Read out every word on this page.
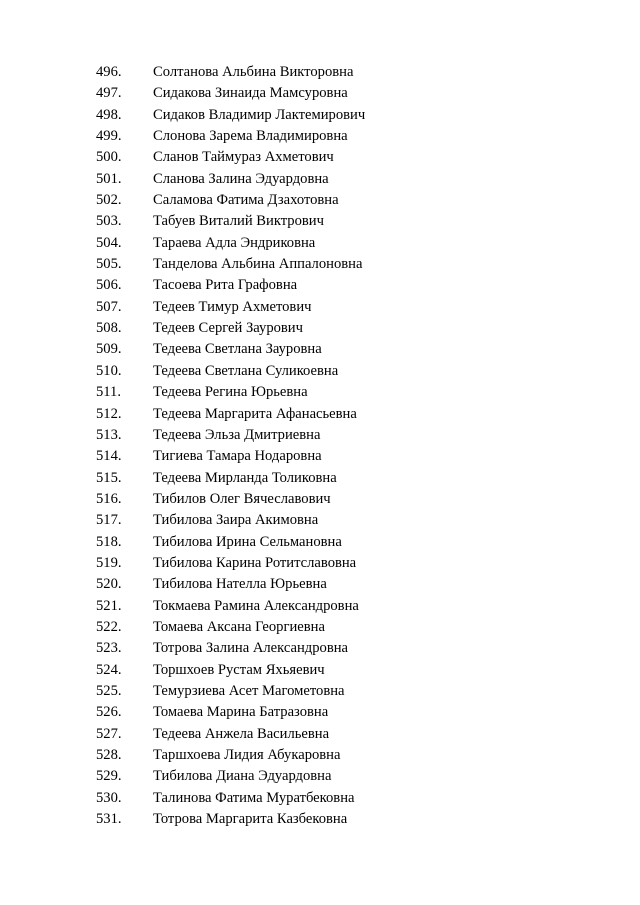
496. Солтанова Альбина Викторовна
497. Сидакова Зинаида Мамсуровна
498. Сидаков Владимир Лактемирович
499. Слонова Зарема Владимировна
500. Сланов Таймураз Ахметович
501. Сланова Залина Эдуардовна
502. Саламова Фатима Дзахотовна
503. Табуев Виталий Виктрович
504. Тараева Адла Эндриковна
505. Танделова Альбина Аппалоновна
506. Тасоева Рита Графовна
507. Тедеев Тимур Ахметович
508. Тедеев Сергей Заурович
509. Тедеева Светлана Зауровна
510. Тедеева Светлана Суликоевна
511. Тедеева Регина Юрьевна
512. Тедеева Маргарита Афанасьевна
513. Тедеева Эльза Дмитриевна
514. Тигиева Тамара Нодаровна
515. Тедеева Мирланда Толиковна
516. Тибилов Олег Вячеславович
517. Тибилова Заира Акимовна
518. Тибилова Ирина Сельмановна
519. Тибилова Карина Ротитславовна
520. Тибилова Нателла Юрьевна
521. Токмаева Рамина Александровна
522. Томаева Аксана Георгиевна
523. Тотрова Залина Александровна
524. Торшхоев Рустам Яхьяевич
525. Темурзиева Асет Магометовна
526. Томаева Марина Батразовна
527. Тедеева Анжела Васильевна
528. Таршхоева Лидия Абукаровна
529. Тибилова Диана Эдуардовна
530. Талинова Фатима Муратбековна
531. Тотрова Маргарита Казбековна
